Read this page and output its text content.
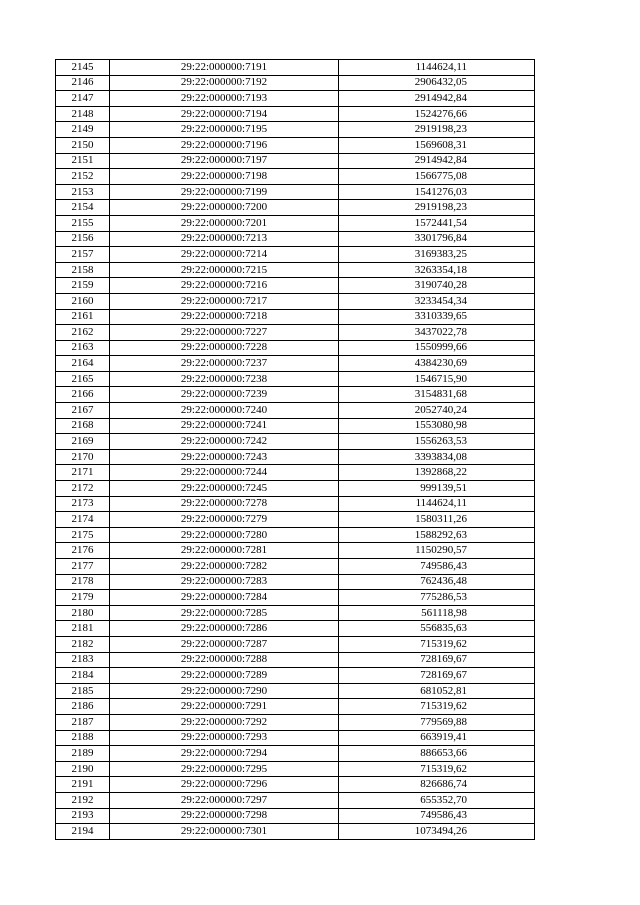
2145	29:22:000000:7191	1144624,11
2146	29:22:000000:7192	2906432,05
2147	29:22:000000:7193	2914942,84
2148	29:22:000000:7194	1524276,66
2149	29:22:000000:7195	2919198,23
2150	29:22:000000:7196	1569608,31
2151	29:22:000000:7197	2914942,84
2152	29:22:000000:7198	1566775,08
2153	29:22:000000:7199	1541276,03
2154	29:22:000000:7200	2919198,23
2155	29:22:000000:7201	1572441,54
2156	29:22:000000:7213	3301796,84
2157	29:22:000000:7214	3169383,25
2158	29:22:000000:7215	3263354,18
2159	29:22:000000:7216	3190740,28
2160	29:22:000000:7217	3233454,34
2161	29:22:000000:7218	3310339,65
2162	29:22:000000:7227	3437022,78
2163	29:22:000000:7228	1550999,66
2164	29:22:000000:7237	4384230,69
2165	29:22:000000:7238	1546715,90
2166	29:22:000000:7239	3154831,68
2167	29:22:000000:7240	2052740,24
2168	29:22:000000:7241	1553080,98
2169	29:22:000000:7242	1556263,53
2170	29:22:000000:7243	3393834,08
2171	29:22:000000:7244	1392868,22
2172	29:22:000000:7245	999139,51
2173	29:22:000000:7278	1144624,11
2174	29:22:000000:7279	1580311,26
2175	29:22:000000:7280	1588292,63
2176	29:22:000000:7281	1150290,57
2177	29:22:000000:7282	749586,43
2178	29:22:000000:7283	762436,48
2179	29:22:000000:7284	775286,53
2180	29:22:000000:7285	561118,98
2181	29:22:000000:7286	556835,63
2182	29:22:000000:7287	715319,62
2183	29:22:000000:7288	728169,67
2184	29:22:000000:7289	728169,67
2185	29:22:000000:7290	681052,81
2186	29:22:000000:7291	715319,62
2187	29:22:000000:7292	779569,88
2188	29:22:000000:7293	663919,41
2189	29:22:000000:7294	886653,66
2190	29:22:000000:7295	715319,62
2191	29:22:000000:7296	826686,74
2192	29:22:000000:7297	655352,70
2193	29:22:000000:7298	749586,43
2194	29:22:000000:7301	1073494,26
